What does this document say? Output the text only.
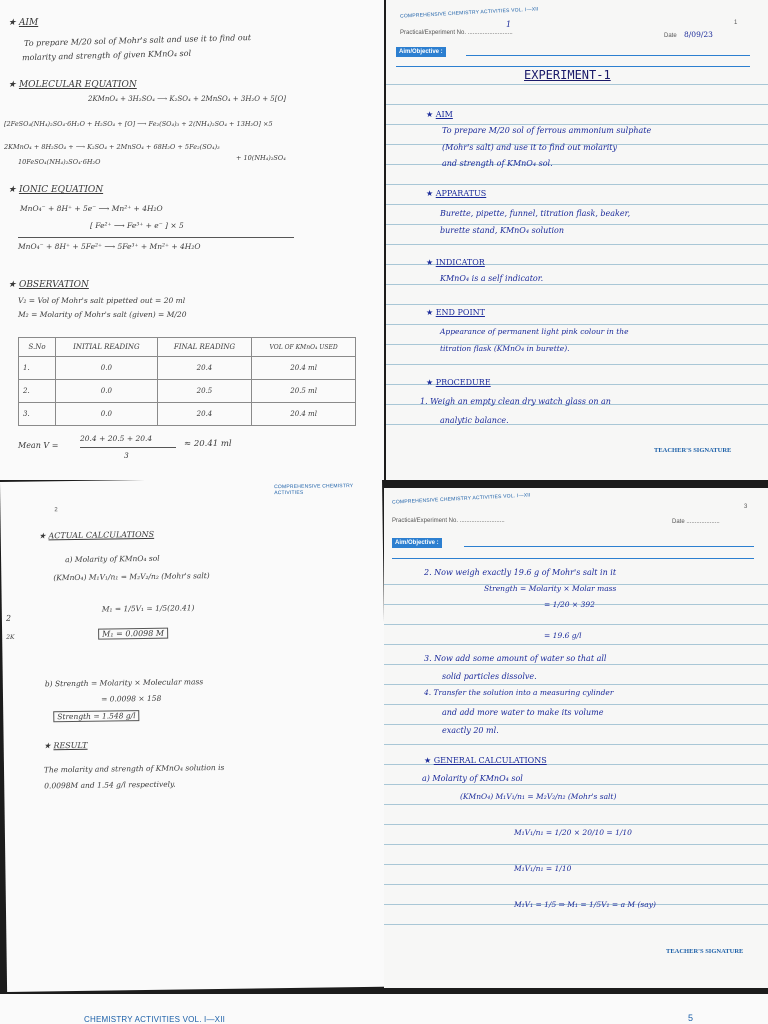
★ AIM
To prepare M/20 sol of Mohr's salt and use it to find out
molarity and strength of given KMnO₄ sol
★ MOLECULAR EQUATION
2KMnO₄ + 3H₂SO₄ ⟶ K₂SO₄ + 2MnSO₄ + 3H₂O + 5[O]
[2FeSO₄(NH₄)₂SO₄·6H₂O + H₂SO₄ + [O] ⟶ Fe₂(SO₄)₃ + 2(NH₄)₂SO₄ + 13H₂O] ×5
2KMnO₄ + 8H₂SO₄ + ⟶ K₂SO₄ + 2MnSO₄ + 68H₂O + 5Fe₂(SO₄)₃
10FeSO₄(NH₄)₂SO₄·6H₂O	+ 10(NH₄)₂SO₄
★ IONIC EQUATION
MnO₄⁻ + 8H⁺ + 5e⁻ ⟶ Mn²⁺ + 4H₂O
[ Fe²⁺ ⟶ Fe³⁺ + e⁻ ] × 5
MnO₄⁻ + 8H⁺ + 5Fe²⁺ ⟶ 5Fe³⁺ + Mn²⁺ + 4H₂O
★ OBSERVATION
V₂ = Vol of Mohr's salt pipetted out = 20 ml
M₂ = Molarity of Mohr's salt (given) = M/20
S.No	INITIAL READING	FINAL READING	VOL OF KMnO₄ USED
1.	0.0	20.4	20.4 ml
2.	0.0	20.5	20.5 ml
3.	0.0	20.4	20.4 ml
Mean V =
20.4 + 20.5 + 20.4
3
≈ 20.41 ml
COMPREHENSIVE CHEMISTRY ACTIVITIES VOL. I—XII
1
Practical/Experiment No. ...........................
1
Date 8/09/23
Aim/Objective :
EXPERIMENT-1
★ AIM
To prepare M/20 sol of ferrous ammonium sulphate
(Mohr's salt) and use it to find out molarity
and strength of KMnO₄ sol.
★ APPARATUS
Burette, pipette, funnel, titration flask, beaker,
burette stand, KMnO₄ solution
★ INDICATOR
KMnO₄ is a self indicator.
★ END POINT
Appearance of permanent light pink colour in the
titration flask (KMnO₄ in burette).
★ PROCEDURE
1. Weigh an empty clean dry watch glass on an
analytic balance.
TEACHER'S SIGNATURE
COMPREHENSIVE CHEMISTRY ACTIVITIES
2
2
2K
★ ACTUAL CALCULATIONS
a) Molarity of KMnO₄ sol
(KMnO₄) M₁V₁/n₁ = M₂V₂/n₂ (Mohr's salt)
M₁ = 1/5V₁ = 1/5(20.41)
M₁ = 0.0098 M
b) Strength = Molarity × Molecular mass
= 0.0098 × 158
Strength = 1.548 g/l
★ RESULT
The molarity and strength of KMnO₄ solution is
0.0098M and 1.54 g/l respectively.
COMPREHENSIVE CHEMISTRY ACTIVITIES VOL. I—XII
3
Practical/Experiment No. ...........................	Date ....................
Aim/Objective :
2. Now weigh exactly 19.6 g of Mohr's salt in it
Strength = Molarity × Molar mass
= 1/20 × 392
= 19.6 g/l
3. Now add some amount of water so that all
solid particles dissolve.
4. Transfer the solution into a measuring cylinder
and add more water to make its volume
exactly 20 ml.
★ GENERAL CALCULATIONS
a) Molarity of KMnO₄ sol
(KMnO₄) M₁V₁/n₁ = M₂V₂/n₂ (Mohr's salt)
M₁V₁/n₁ = 1/20 × 20/10 = 1/10
M₁V₁/n₁ = 1/10
M₁V₁ = 1/5 ⇒ M₁ = 1/5V₁ = a M (say)
TEACHER'S SIGNATURE
CHEMISTRY ACTIVITIES VOL. I—XII	5
